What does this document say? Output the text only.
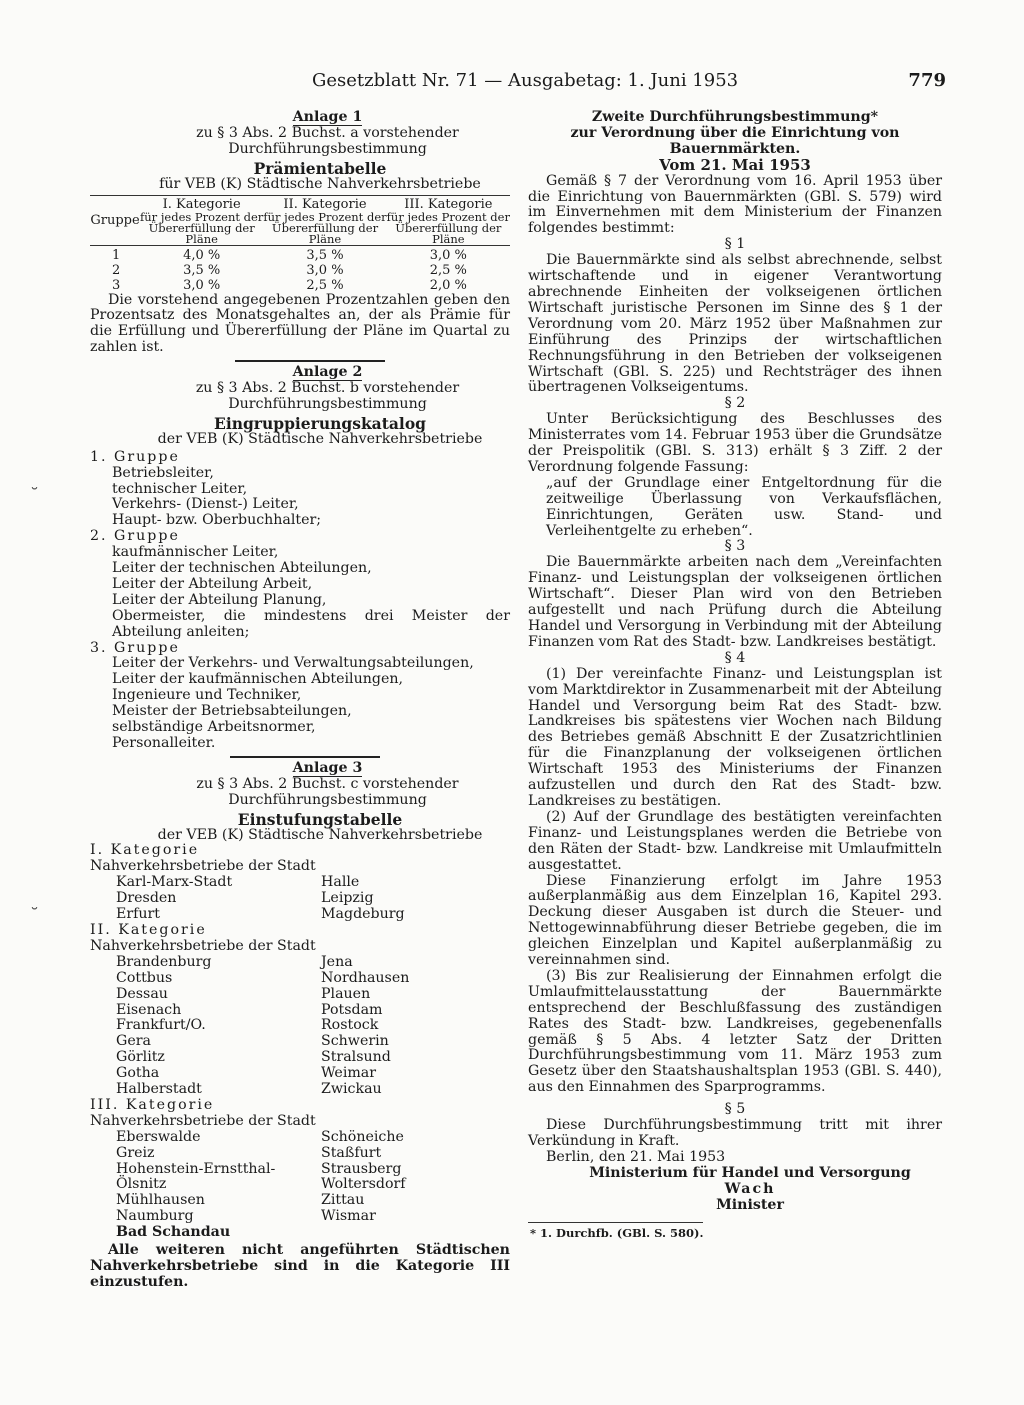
Gesetzblatt Nr. 71 — Ausgabetag: 1. Juni 1953	779
˘
˘
Anlage 1
zu § 3 Abs. 2 Buchst. a vorstehender
Durchführungsbestimmung
Prämientabelle
für VEB (K) Städtische Nahverkehrsbetriebe
Gruppe	I. Kategorie	II. Kategorie	III. Kategorie
	für jedes Prozent der Übererfüllung der Pläne	für jedes Prozent der Übererfüllung der Pläne	für jedes Prozent der Übererfüllung der Pläne

1	4,0 %	3,5 %	3,0 %
2	3,5 %	3,0 %	2,5 %
3	3,0 %	2,5 %	2,0 %

Die vorstehend angegebenen Prozentzahlen geben den Prozentsatz des Monatsgehaltes an, der als Prämie für die Erfüllung und Übererfüllung der Pläne im Quartal zu zahlen ist.

Anlage 2
zu § 3 Abs. 2 Buchst. b vorstehender
Durchführungsbestimmung
Eingruppierungskatalog
der VEB (K) Städtische Nahverkehrsbetriebe
1. Gruppe
Betriebsleiter,
technischer Leiter,
Verkehrs- (Dienst-) Leiter,
Haupt- bzw. Oberbuchhalter;
2. Gruppe
kaufmännischer Leiter,
Leiter der technischen Abteilungen,
Leiter der Abteilung Arbeit,
Leiter der Abteilung Planung,
Obermeister, die mindestens drei Meister der Abteilung anleiten;
3. Gruppe
Leiter der Verkehrs- und Verwaltungsabteilungen,
Leiter der kaufmännischen Abteilungen,
Ingenieure und Techniker,
Meister der Betriebsabteilungen,
selbständige Arbeitsnormer,
Personalleiter.
Anlage 3
zu § 3 Abs. 2 Buchst. c vorstehender
Durchführungsbestimmung
Einstufungstabelle
der VEB (K) Städtische Nahverkehrsbetriebe
I. Kategorie
Nahverkehrsbetriebe der Stadt
Karl-Marx-Stadt	Halle
Dresden	Leipzig
Erfurt	Magdeburg
II. Kategorie
Nahverkehrsbetriebe der Stadt
Brandenburg	Jena
Cottbus	Nordhausen
Dessau	Plauen
Eisenach	Potsdam
Frankfurt/O.	Rostock
Gera	Schwerin
Görlitz	Stralsund
Gotha	Weimar
Halberstadt	Zwickau
III. Kategorie
Nahverkehrsbetriebe der Stadt
Eberswalde	Schöneiche
Greiz	Staßfurt
Hohenstein-Ernstthal-	Strausberg
Ölsnitz	Woltersdorf
Mühlhausen	Zittau
Naumburg	Wismar
Bad Schandau

Alle weiteren nicht angeführten Städtischen Nahverkehrsbetriebe sind in die Kategorie III einzustufen.

Zweite Durchführungsbestimmung*
zur Verordnung über die Einrichtung von Bauernmärkten.
Vom 21. Mai 1953

Gemäß § 7 der Verordnung vom 16. April 1953 über die Einrichtung von Bauernmärkten (GBl. S. 579) wird im Einvernehmen mit dem Ministerium der Finanzen folgendes bestimmt:

§ 1

Die Bauernmärkte sind als selbst abrechnende, selbst wirtschaftende und in eigener Verantwortung abrechnende Einheiten der volkseigenen örtlichen Wirtschaft juristische Personen im Sinne des § 1 der Verordnung vom 20. März 1952 über Maßnahmen zur Einführung des Prinzips der wirtschaftlichen Rechnungsführung in den Betrieben der volkseigenen Wirtschaft (GBl. S. 225) und Rechtsträger des ihnen übertragenen Volkseigentums.

§ 2

Unter Berücksichtigung des Beschlusses des Ministerrates vom 14. Februar 1953 über die Grundsätze der Preispolitik (GBl. S. 313) erhält § 3 Ziff. 2 der Verordnung folgende Fassung:

„auf der Grundlage einer Entgeltordnung für die zeitweilige Überlassung von Verkaufsflächen, Einrichtungen, Geräten usw. Stand- und Verleihentgelte zu erheben“.

§ 3

Die Bauernmärkte arbeiten nach dem „Vereinfachten Finanz- und Leistungsplan der volkseigenen örtlichen Wirtschaft“. Dieser Plan wird von den Betrieben aufgestellt und nach Prüfung durch die Abteilung Handel und Versorgung in Verbindung mit der Abteilung Finanzen vom Rat des Stadt- bzw. Landkreises bestätigt.

§ 4

(1) Der vereinfachte Finanz- und Leistungsplan ist vom Marktdirektor in Zusammenarbeit mit der Abteilung Handel und Versorgung beim Rat des Stadt- bzw. Landkreises bis spätestens vier Wochen nach Bildung des Betriebes gemäß Abschnitt E der Zusatzrichtlinien für die Finanzplanung der volkseigenen örtlichen Wirtschaft 1953 des Ministeriums der Finanzen aufzustellen und durch den Rat des Stadt- bzw. Landkreises zu bestätigen.

(2) Auf der Grundlage des bestätigten vereinfachten Finanz- und Leistungsplanes werden die Betriebe von den Räten der Stadt- bzw. Landkreise mit Umlaufmitteln ausgestattet.

Diese Finanzierung erfolgt im Jahre 1953 außerplanmäßig aus dem Einzelplan 16, Kapitel 293. Deckung dieser Ausgaben ist durch die Steuer- und Nettogewinnabführung dieser Betriebe gegeben, die im gleichen Einzelplan und Kapitel außerplanmäßig zu vereinnahmen sind.

(3) Bis zur Realisierung der Einnahmen erfolgt die Umlaufmittelausstattung der Bauernmärkte entsprechend der Beschlußfassung des zuständigen Rates des Stadt- bzw. Landkreises, gegebenenfalls gemäß § 5 Abs. 4 letzter Satz der Dritten Durchführungsbestimmung vom 11. März 1953 zum Gesetz über den Staatshaushaltsplan 1953 (GBl. S. 440), aus den Einnahmen des Sparprogramms.

§ 5

Diese Durchführungsbestimmung tritt mit ihrer Verkündung in Kraft.

Berlin, den 21. Mai 1953

Ministerium für Handel und Versorgung
Wach
Minister
* 1. Durchfb. (GBl. S. 580).
